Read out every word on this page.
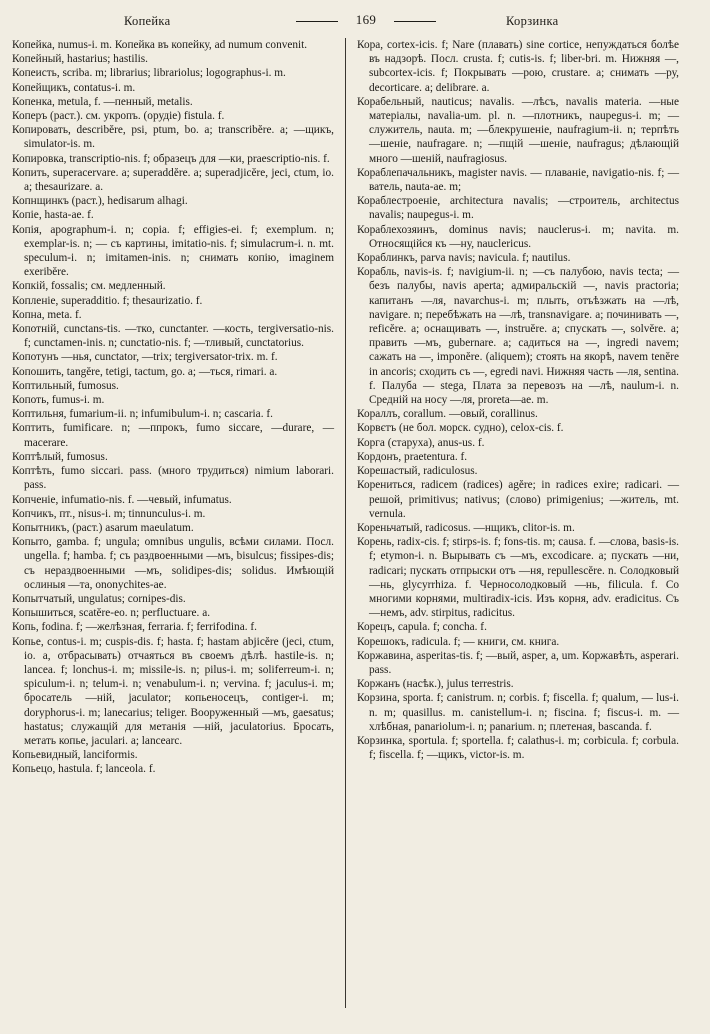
Копейка	169	Корзинка

Копейка, numus-i. m. Копейка въ копейку, ad numum convenit.

Копейный, hastarius; hastilis.

Копеисть, scriba. m; librarius; librariolus; logographus-i. m.

Копейщикъ, contatus-i. m.

Копенка, metula, f. —пенный, metalis.

Коперъ (раст.). см. укропъ. (орудіе) fistula. f.

Копировать, describĕre, psi, ptum, bo. a; transcribĕre. a; —щикъ, simulator-is. m.

Копировка, transcriptio-nis. f; образецъ для —ки, praescriptio-nis. f.

Копить, superacervare. a; superaddĕre. a; superadjicĕre, jeci, ctum, io. a; thesaurizare. a.

Копнщинкъ (раст.), hedisarum alhagi.

Копіе, hasta-ae. f.

Копія, apographum-i. n; copia. f; effigies-ei. f; exemplum. n; exemplar-is. n; — съ картины, imitatio-nis. f; simulacrum-i. n. mt. speculum-i. n; imitamen-inis. n; снимать копію, imaginem exeribĕre.

Копкій, fossalis; см. медленный.

Копленіе, superadditio. f; thesaurizatio. f.

Копна, meta. f.

Копотній, cunctans-tis. —тко, cunctanter. —кость, tergiversatio-nis. f; cunctamen-inis. n; cunctatio-nis. f; —тливый, cunctatorius.

Копотунъ —нья, cunctator, —trix; tergiversator-trix. m. f.

Копошить, tangĕre, tetigi, tactum, go. a; —ться, rimari. a.

Коптильный, fumosus.

Копоть, fumus-i. m.

Коптильня, fumarium-ii. n; infumibulum-i. n; cascaria. f.

Коптить, fumificare. n; —ппрокъ, fumo siccare, —durare, —macerare.

Коптѣлый, fumosus.

Коптѣть, fumo siccari. pass. (много трудиться) nimium laborari. pass.

Копченіе, infumatio-nis. f. —чевый, infumatus.

Копчикъ, пт., nisus-i. m; tinnunculus-i. m.

Копытникъ, (раст.) asarum maeulatum.

Копыто, gamba. f; ungula; omnibus ungulis, всѣми силами. Посл. ungella. f; hamba. f; съ раздвоенными —мъ, bisulcus; fissipes-dis; съ нераздвоенными —мъ, solidipes-dis; solidus. Имѣющій ослиныя —та, ononychites-ae.

Копытчатый, ungulatus; cornipes-dis.

Копышиться, scatĕre-eo. n; perfluctuare. a.

Копь, fodina. f; —желѣзная, ferraria. f; ferrifodina. f.

Копье, contus-i. m; cuspis-dis. f; hasta. f; hastam abjicĕre (jeci, ctum, io. a, отбрасывать) отчаяться въ своемъ дѣлѣ. hastile-is. n; lancea. f; lonchus-i. m; missile-is. n; pilus-i. m; soliferreum-i. n; spiculum-i. n; telum-i. n; venabulum-i. n; vervina. f; jaculus-i. m; бросатель —ній, jaculator; копьеносецъ, contiger-i. m; doryphorus-i. m; lanecarius; teliger. Вооруженный —мъ, gaesatus; hastatus; служащій для метанія —ній, jaculatorius. Бросать, метать копье, jaculari. a; lancearc.

Копьевидный, lanciformis.

Копьецо, hastula. f; lanceola. f.

Кора, cortex-icis. f; Nare (плавать) sine cortice, непуждаться болѣе въ надзорѣ. Посл. crusta. f; cutis-is. f; liber-bri. m. Нижняя —, subcortex-icis. f; Покрывать —рою, crustare. a; снимать —ру, decorticare. a; delibrare. a.

Корабельный, nauticus; navalis. —лѣсъ, navalis materia. —ные матеріалы, navalia-um. pl. n. —плотникъ, naupegus-i. m; —служитель, nauta. m; —блекрушеніе, naufragium-ii. n; терпѣть —шеніе, naufragare. n; —пщій —шеніе, naufragus; дѣлающій много —шеній, naufragiosus.

Кораблепачальникъ, magister navis. — плаваніе, navigatio-nis. f; —ватель, nauta-ae. m;

Кораблестроеніе, architectura navalis; —строитель, architectus navalis; naupegus-i. m.

Кораблехозяинъ, dominus navis; nauclerus-i. m; navita. m. Относящійся къ —ну, nauclericus.

Кораблинкъ, parva navis; navicula. f; nautilus.

Корабль, navis-is. f; navigium-ii. n; —съ палубою, navis tecta; —безъ палубы, navis aperta; адмиральскій —, navis practoria; капитанъ —ля, navarchus-i. m; плыть, отъѣзжать на —лѣ, navigare. n; перебѣжать на —лѣ, transnavigare. a; починивать —, reficĕre. a; оснащивать —, instruĕre. a; спускать —, solvĕre. a; править —мъ, gubernare. a; садиться на —, ingredi navem; сажать на —, imponĕre. (aliquem); стоять на якорѣ, navem tenĕre in ancoris; сходить съ —, egredi navi. Нижняя часть —ля, sentina. f. Палуба — stega, Плата за перевозъ на —лѣ, naulum-i. n. Средній на носу —ля, proreta—ae. m.

Кораллъ, corallum. —овый, corallinus.

Корвєтъ (не бол. морск. судно), celox-cis. f.

Корга (старуха), anus-us. f.

Кордонъ, praetentura. f.

Корешастый, radiculosus.

Корениться, radicem (radices) agĕre; in radices exire; radicari. —решой, primitivus; nativus; (слово) primigenius; —житель, mt. vernula.

Кореньчатый, radicosus. —нщикъ, clitor-is. m.

Корень, radix-cis. f; stirps-is. f; fons-tis. m; causa. f. —слова, basis-is. f; etymon-i. n. Вырывать съ —мъ, excodicare. a; пускать —ни, radicari; пускать отпрыски отъ —ня, repullescĕre. n. Солодковый —нь, glycyrrhiza. f. Черносолодковый —нь, filicula. f. Со многими корнями, multiradix-icis. Изъ корня, adv. eradicitus. Съ —немъ, adv. stirpitus, radicitus.

Корецъ, capula. f; concha. f.

Корешокъ, radicula. f; — книги, см. книга.

Коржавина, asperitas-tis. f; —вый, asper, a, um. Коржавѣть, asperari. pass.

Коржанъ (насѣк.), julus terrestris.

Корзина, sporta. f; canistrum. n; corbis. f; fiscella. f; qualum, — lus-i. n. m; quasillus. m. canistellum-i. n; fiscina. f; fiscus-i. m. —хлѣбная, panariolum-i. n; panarium. n; плетеная, bascanda. f.

Корзинка, sportula. f; sportella. f; calathus-i. m; corbicula. f; corbula. f; fiscella. f; —щикъ, victor-is. m.
